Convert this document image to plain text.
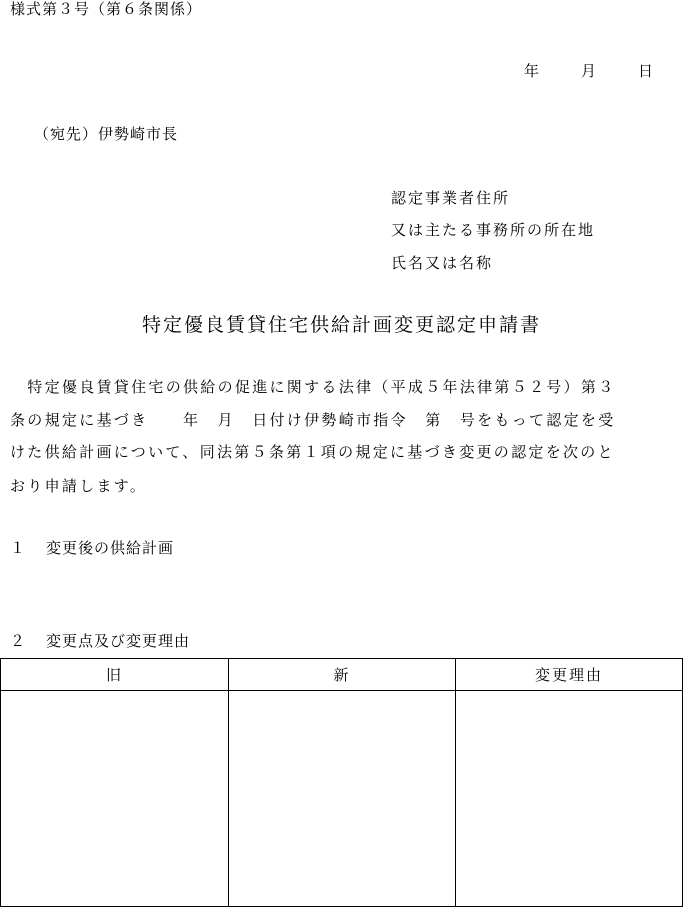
様式第３号（第６条関係）
年	月	日
（宛先）伊勢崎市長
認定事業者住所
又は主たる事務所の所在地
氏名又は名称
特定優良賃貸住宅供給計画変更認定申請書
　特定優良賃貸住宅の供給の促進に関する法律（平成５年法律第５２号）第３
条の規定に基づき　　年　月　日付け伊勢崎市指令　第　号をもって認定を受
けた供給計画について、同法第５条第１項の規定に基づき変更の認定を次のと
おり申請します。
１ 変更後の供給計画
２ 変更点及び変更理由
旧	新	変更理由
